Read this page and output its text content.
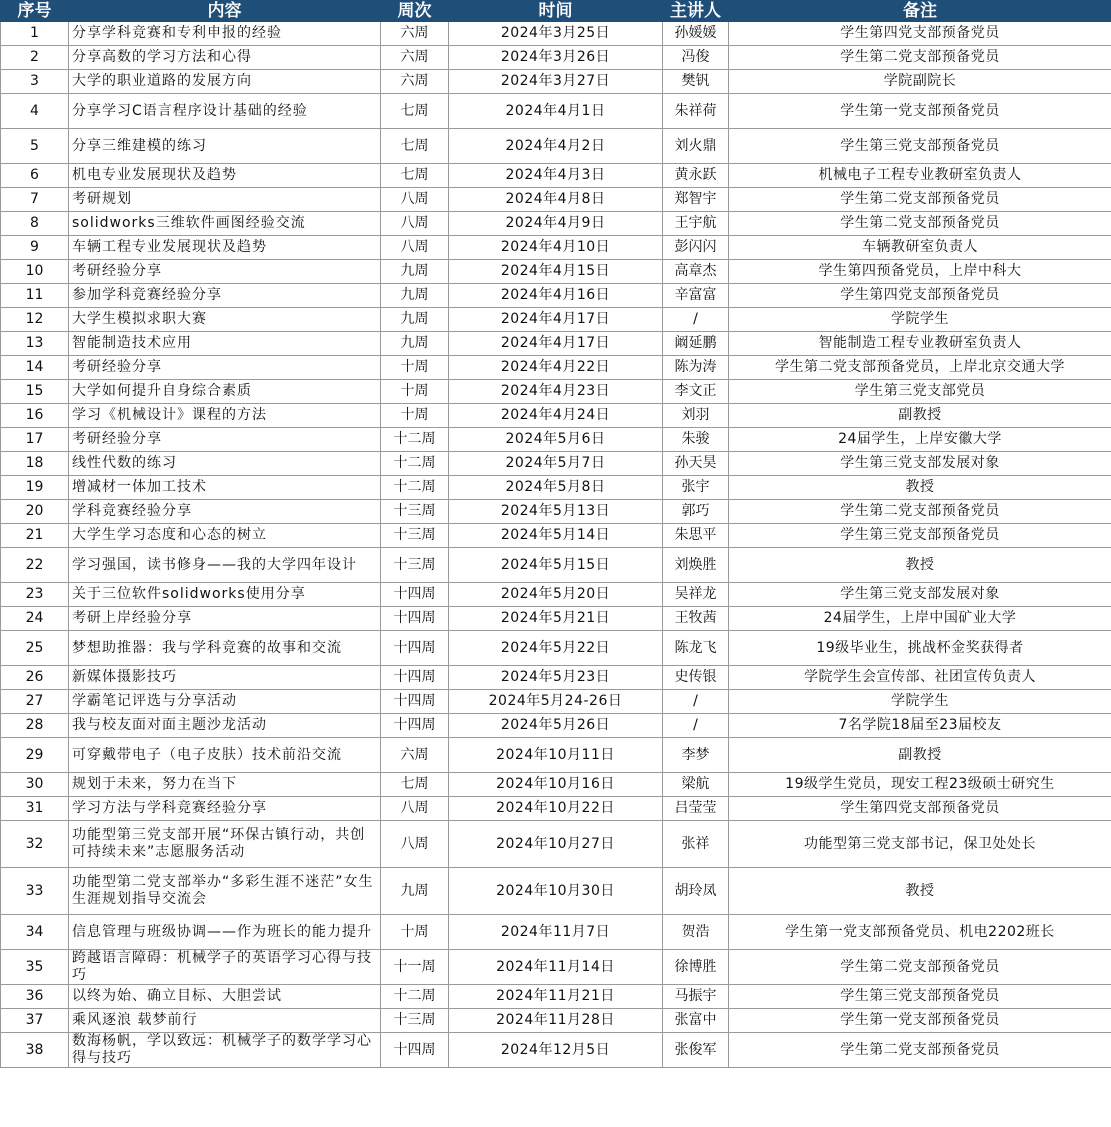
序号	内容	周次	时间	主讲人	备注
1	分享学科竞赛和专利申报的经验	六周	2024年3月25日	孙媛媛	学生第四党支部预备党员
2	分享高数的学习方法和心得	六周	2024年3月26日	冯俊	学生第二党支部预备党员
3	大学的职业道路的发展方向	六周	2024年3月27日	樊钒	学院副院长
4	分享学习C语言程序设计基础的经验	七周	2024年4月1日	朱祥荷	学生第一党支部预备党员
5	分享三维建模的练习	七周	2024年4月2日	刘火鼎	学生第三党支部预备党员
6	机电专业发展现状及趋势	七周	2024年4月3日	黄永跃	机械电子工程专业教研室负责人
7	考研规划	八周	2024年4月8日	郑智宇	学生第二党支部预备党员
8	solidworks三维软件画图经验交流	八周	2024年4月9日	王宇航	学生第二党支部预备党员
9	车辆工程专业发展现状及趋势	八周	2024年4月10日	彭闪闪	车辆教研室负责人
10	考研经验分享	九周	2024年4月15日	高章杰	学生第四预备党员，上岸中科大
11	参加学科竞赛经验分享	九周	2024年4月16日	辛富富	学生第四党支部预备党员
12	大学生模拟求职大赛	九周	2024年4月17日	/	学院学生
13	智能制造技术应用	九周	2024年4月17日	阚延鹏	智能制造工程专业教研室负责人
14	考研经验分享	十周	2024年4月22日	陈为涛	学生第二党支部预备党员，上岸北京交通大学
15	大学如何提升自身综合素质	十周	2024年4月23日	李文正	学生第三党支部党员
16	学习《机械设计》课程的方法	十周	2024年4月24日	刘羽	副教授
17	考研经验分享	十二周	2024年5月6日	朱骏	24届学生，上岸安徽大学
18	线性代数的练习	十二周	2024年5月7日	孙天昊	学生第三党支部发展对象
19	增减材一体加工技术	十二周	2024年5月8日	张宇	教授
20	学科竞赛经验分享	十三周	2024年5月13日	郭巧	学生第二党支部预备党员
21	大学生学习态度和心态的树立	十三周	2024年5月14日	朱思平	学生第三党支部预备党员
22	学习强国，读书修身——我的大学四年设计	十三周	2024年5月15日	刘焕胜	教授
23	关于三位软件solidworks使用分享	十四周	2024年5月20日	吴祥龙	学生第三党支部发展对象
24	考研上岸经验分享	十四周	2024年5月21日	王牧茜	24届学生，上岸中国矿业大学
25	梦想助推器：我与学科竞赛的故事和交流	十四周	2024年5月22日	陈龙飞	19级毕业生，挑战杯金奖获得者
26	新媒体摄影技巧	十四周	2024年5月23日	史传银	学院学生会宣传部、社团宣传负责人
27	学霸笔记评选与分享活动	十四周	2024年5月24-26日	/	学院学生
28	我与校友面对面主题沙龙活动	十四周	2024年5月26日	/	7名学院18届至23届校友
29	可穿戴带电子（电子皮肤）技术前沿交流	六周	2024年10月11日	李梦	副教授
30	规划于未来，努力在当下	七周	2024年10月16日	梁航	19级学生党员，现安工程23级硕士研究生
31	学习方法与学科竞赛经验分享	八周	2024年10月22日	吕莹莹	学生第四党支部预备党员
32	功能型第三党支部开展“环保古镇行动，共创可持续未来”志愿服务活动	八周	2024年10月27日	张祥	功能型第三党支部书记，保卫处处长
33	功能型第二党支部举办“多彩生涯不迷茫”女生生涯规划指导交流会	九周	2024年10月30日	胡玲凤	教授
34	信息管理与班级协调——作为班长的能力提升	十周	2024年11月7日	贺浩	学生第一党支部预备党员、机电2202班长
35	跨越语言障碍：机械学子的英语学习心得与技巧	十一周	2024年11月14日	徐博胜	学生第二党支部预备党员
36	以终为始、确立目标、大胆尝试	十二周	2024年11月21日	马振宇	学生第三党支部预备党员
37	乘风逐浪 载梦前行	十三周	2024年11月28日	张富中	学生第一党支部预备党员
38	数海杨帆，学以致远：机械学子的数学学习心得与技巧	十四周	2024年12月5日	张俊军	学生第二党支部预备党员
